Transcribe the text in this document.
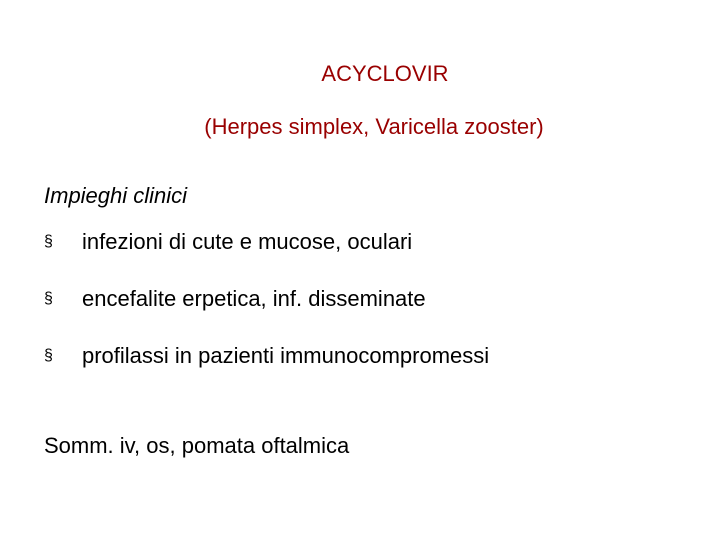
ACYCLOVIR
(Herpes simplex, Varicella zooster)
Impieghi clinici
§	infezioni di cute e mucose, oculari
§	encefalite erpetica, inf. disseminate
§	profilassi in pazienti immunocompromessi
Somm. iv, os, pomata oftalmica
